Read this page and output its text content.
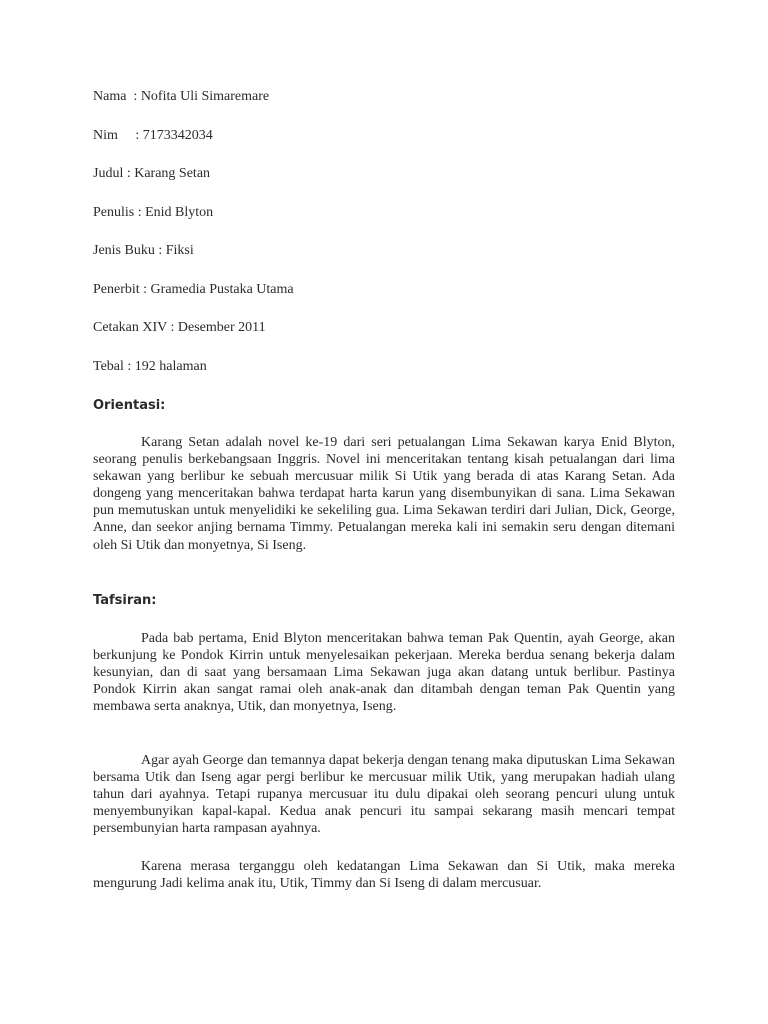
Nama  : Nofita Uli Simaremare
Nim     : 7173342034
Judul : Karang Setan
Penulis : Enid Blyton
Jenis Buku : Fiksi
Penerbit : Gramedia Pustaka Utama
Cetakan XIV : Desember 2011
Tebal : 192 halaman
Orientasi:

Karang Setan adalah novel ke-19 dari seri petualangan Lima Sekawan karya Enid Blyton, seorang penulis berkebangsaan Inggris. Novel ini menceritakan tentang kisah petualangan dari lima sekawan yang berlibur ke sebuah mercusuar milik Si Utik yang berada di atas Karang Setan. Ada dongeng yang menceritakan bahwa terdapat harta karun yang disembunyikan di sana. Lima Sekawan pun memutuskan untuk menyelidiki ke sekeliling gua. Lima Sekawan terdiri dari Julian, Dick, George, Anne, dan seekor anjing bernama Timmy. Petualangan mereka kali ini semakin seru dengan ditemani oleh Si Utik dan monyetnya, Si Iseng.

Tafsiran:

Pada bab pertama, Enid Blyton menceritakan bahwa teman Pak Quentin, ayah George, akan berkunjung ke Pondok Kirrin untuk menyelesaikan pekerjaan. Mereka berdua senang bekerja dalam kesunyian, dan di saat yang bersamaan Lima Sekawan juga akan datang untuk berlibur. Pastinya Pondok Kirrin akan sangat ramai oleh anak-anak dan ditambah dengan teman Pak Quentin yang membawa serta anaknya, Utik, dan monyetnya, Iseng.

Agar ayah George dan temannya dapat bekerja dengan tenang maka diputuskan Lima Sekawan bersama Utik dan Iseng agar pergi berlibur ke mercusuar milik Utik, yang merupakan hadiah ulang tahun dari ayahnya. Tetapi rupanya mercusuar itu dulu dipakai oleh seorang pencuri ulung untuk menyembunyikan kapal-kapal. Kedua anak pencuri itu sampai sekarang masih mencari tempat persembunyian harta rampasan ayahnya.

Karena merasa terganggu oleh kedatangan Lima Sekawan dan Si Utik, maka mereka mengurung Jadi kelima anak itu, Utik, Timmy dan Si Iseng di dalam mercusuar.
